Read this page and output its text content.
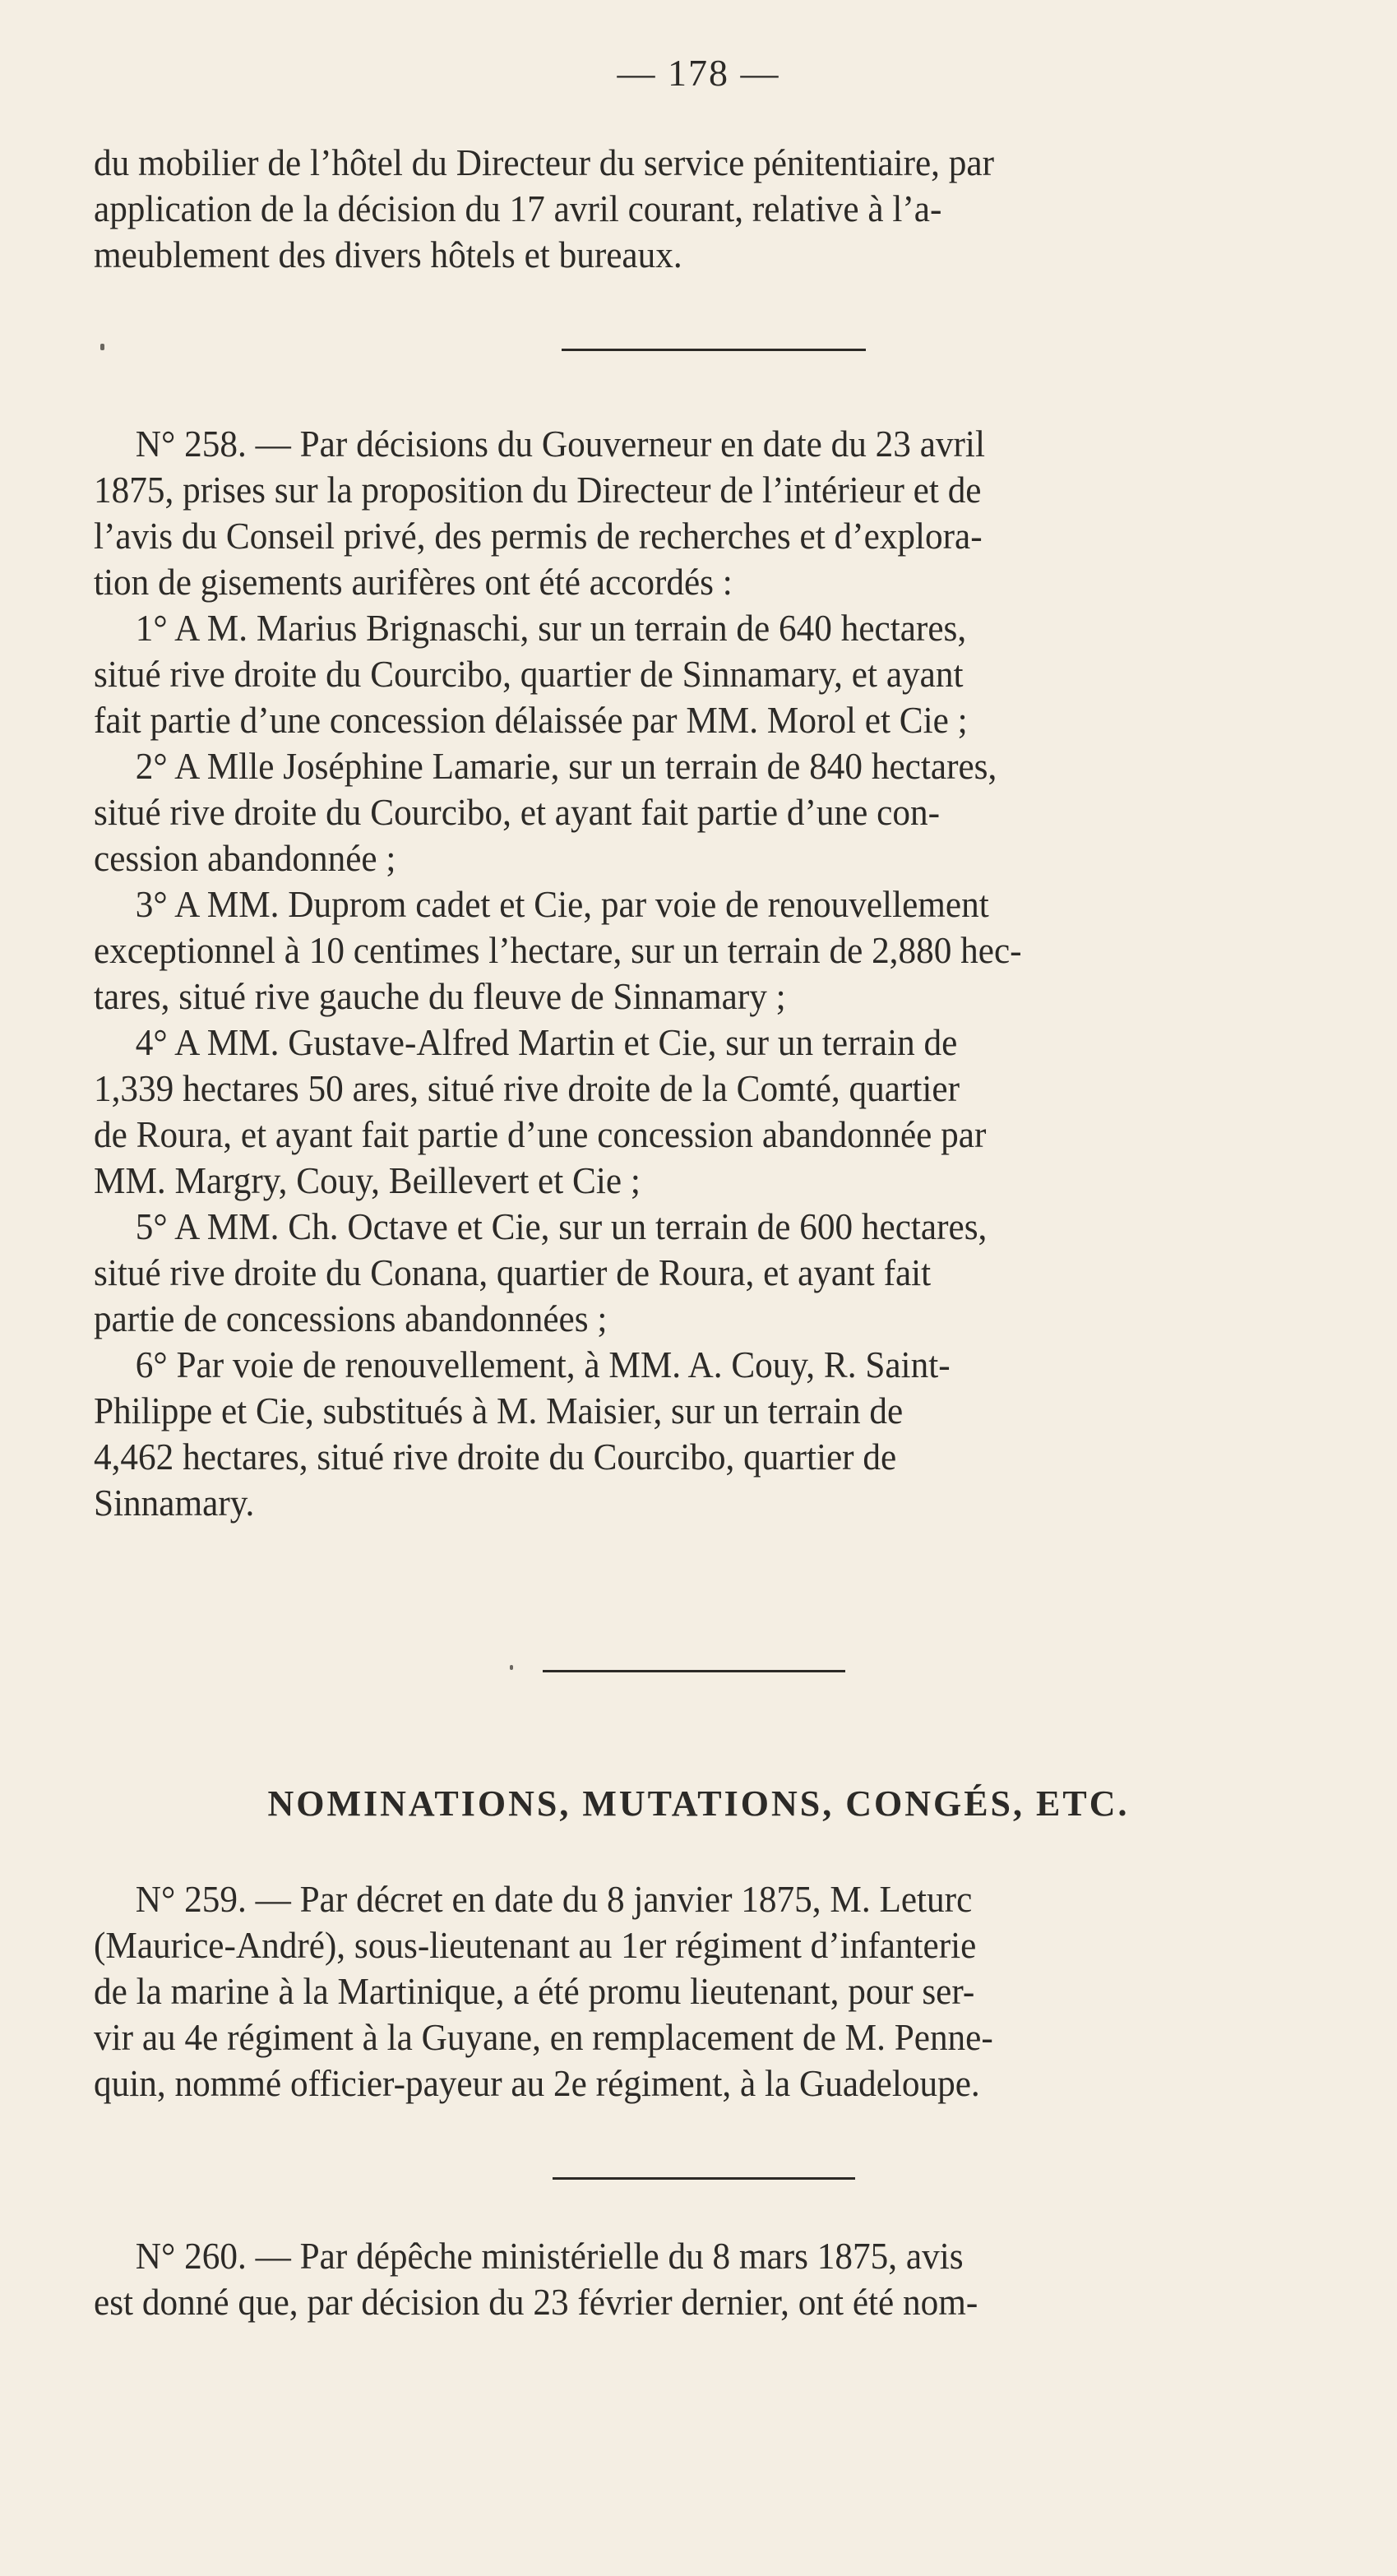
— 178 —

du mobilier de l’hôtel du Directeur du service pénitentiaire, par

application de la décision du 17 avril courant, relative à l’a-

meublement des divers hôtels et bureaux.

N° 258. — Par décisions du Gouverneur en date du 23 avril

1875, prises sur la proposition du Directeur de l’intérieur et de

l’avis du Conseil privé, des permis de recherches et d’explora-

tion de gisements aurifères ont été accordés :

1° A M. Marius Brignaschi, sur un terrain de 640 hectares,

situé rive droite du Courcibo, quartier de Sinnamary, et ayant

fait partie d’une concession délaissée par MM. Morol et Cie ;

2° A Mlle Joséphine Lamarie, sur un terrain de 840 hectares,

situé rive droite du Courcibo, et ayant fait partie d’une con-

cession abandonnée ;

3° A MM. Duprom cadet et Cie, par voie de renouvellement

exceptionnel à 10 centimes l’hectare, sur un terrain de 2,880 hec-

tares, situé rive gauche du fleuve de Sinnamary ;

4° A MM. Gustave-Alfred Martin et Cie, sur un terrain de

1,339 hectares 50 ares, situé rive droite de la Comté, quartier

de Roura, et ayant fait partie d’une concession abandonnée par

MM. Margry, Couy, Beillevert et Cie ;

5° A MM. Ch. Octave et Cie, sur un terrain de 600 hectares,

situé rive droite du Conana, quartier de Roura, et ayant fait

partie de concessions abandonnées ;

6° Par voie de renouvellement, à MM. A. Couy, R. Saint-

Philippe et Cie, substitués à M. Maisier, sur un terrain de

4,462 hectares, situé rive droite du Courcibo, quartier de

Sinnamary.

NOMINATIONS, MUTATIONS, CONGÉS, ETC.

N° 259. — Par décret en date du 8 janvier 1875, M. Leturc

(Maurice-André), sous-lieutenant au 1er régiment d’infanterie

de la marine à la Martinique, a été promu lieutenant, pour ser-

vir au 4e régiment à la Guyane, en remplacement de M. Penne-

quin, nommé officier-payeur au 2e régiment, à la Guadeloupe.

N° 260. — Par dépêche ministérielle du 8 mars 1875, avis

est donné que, par décision du 23 février dernier, ont été nom-
